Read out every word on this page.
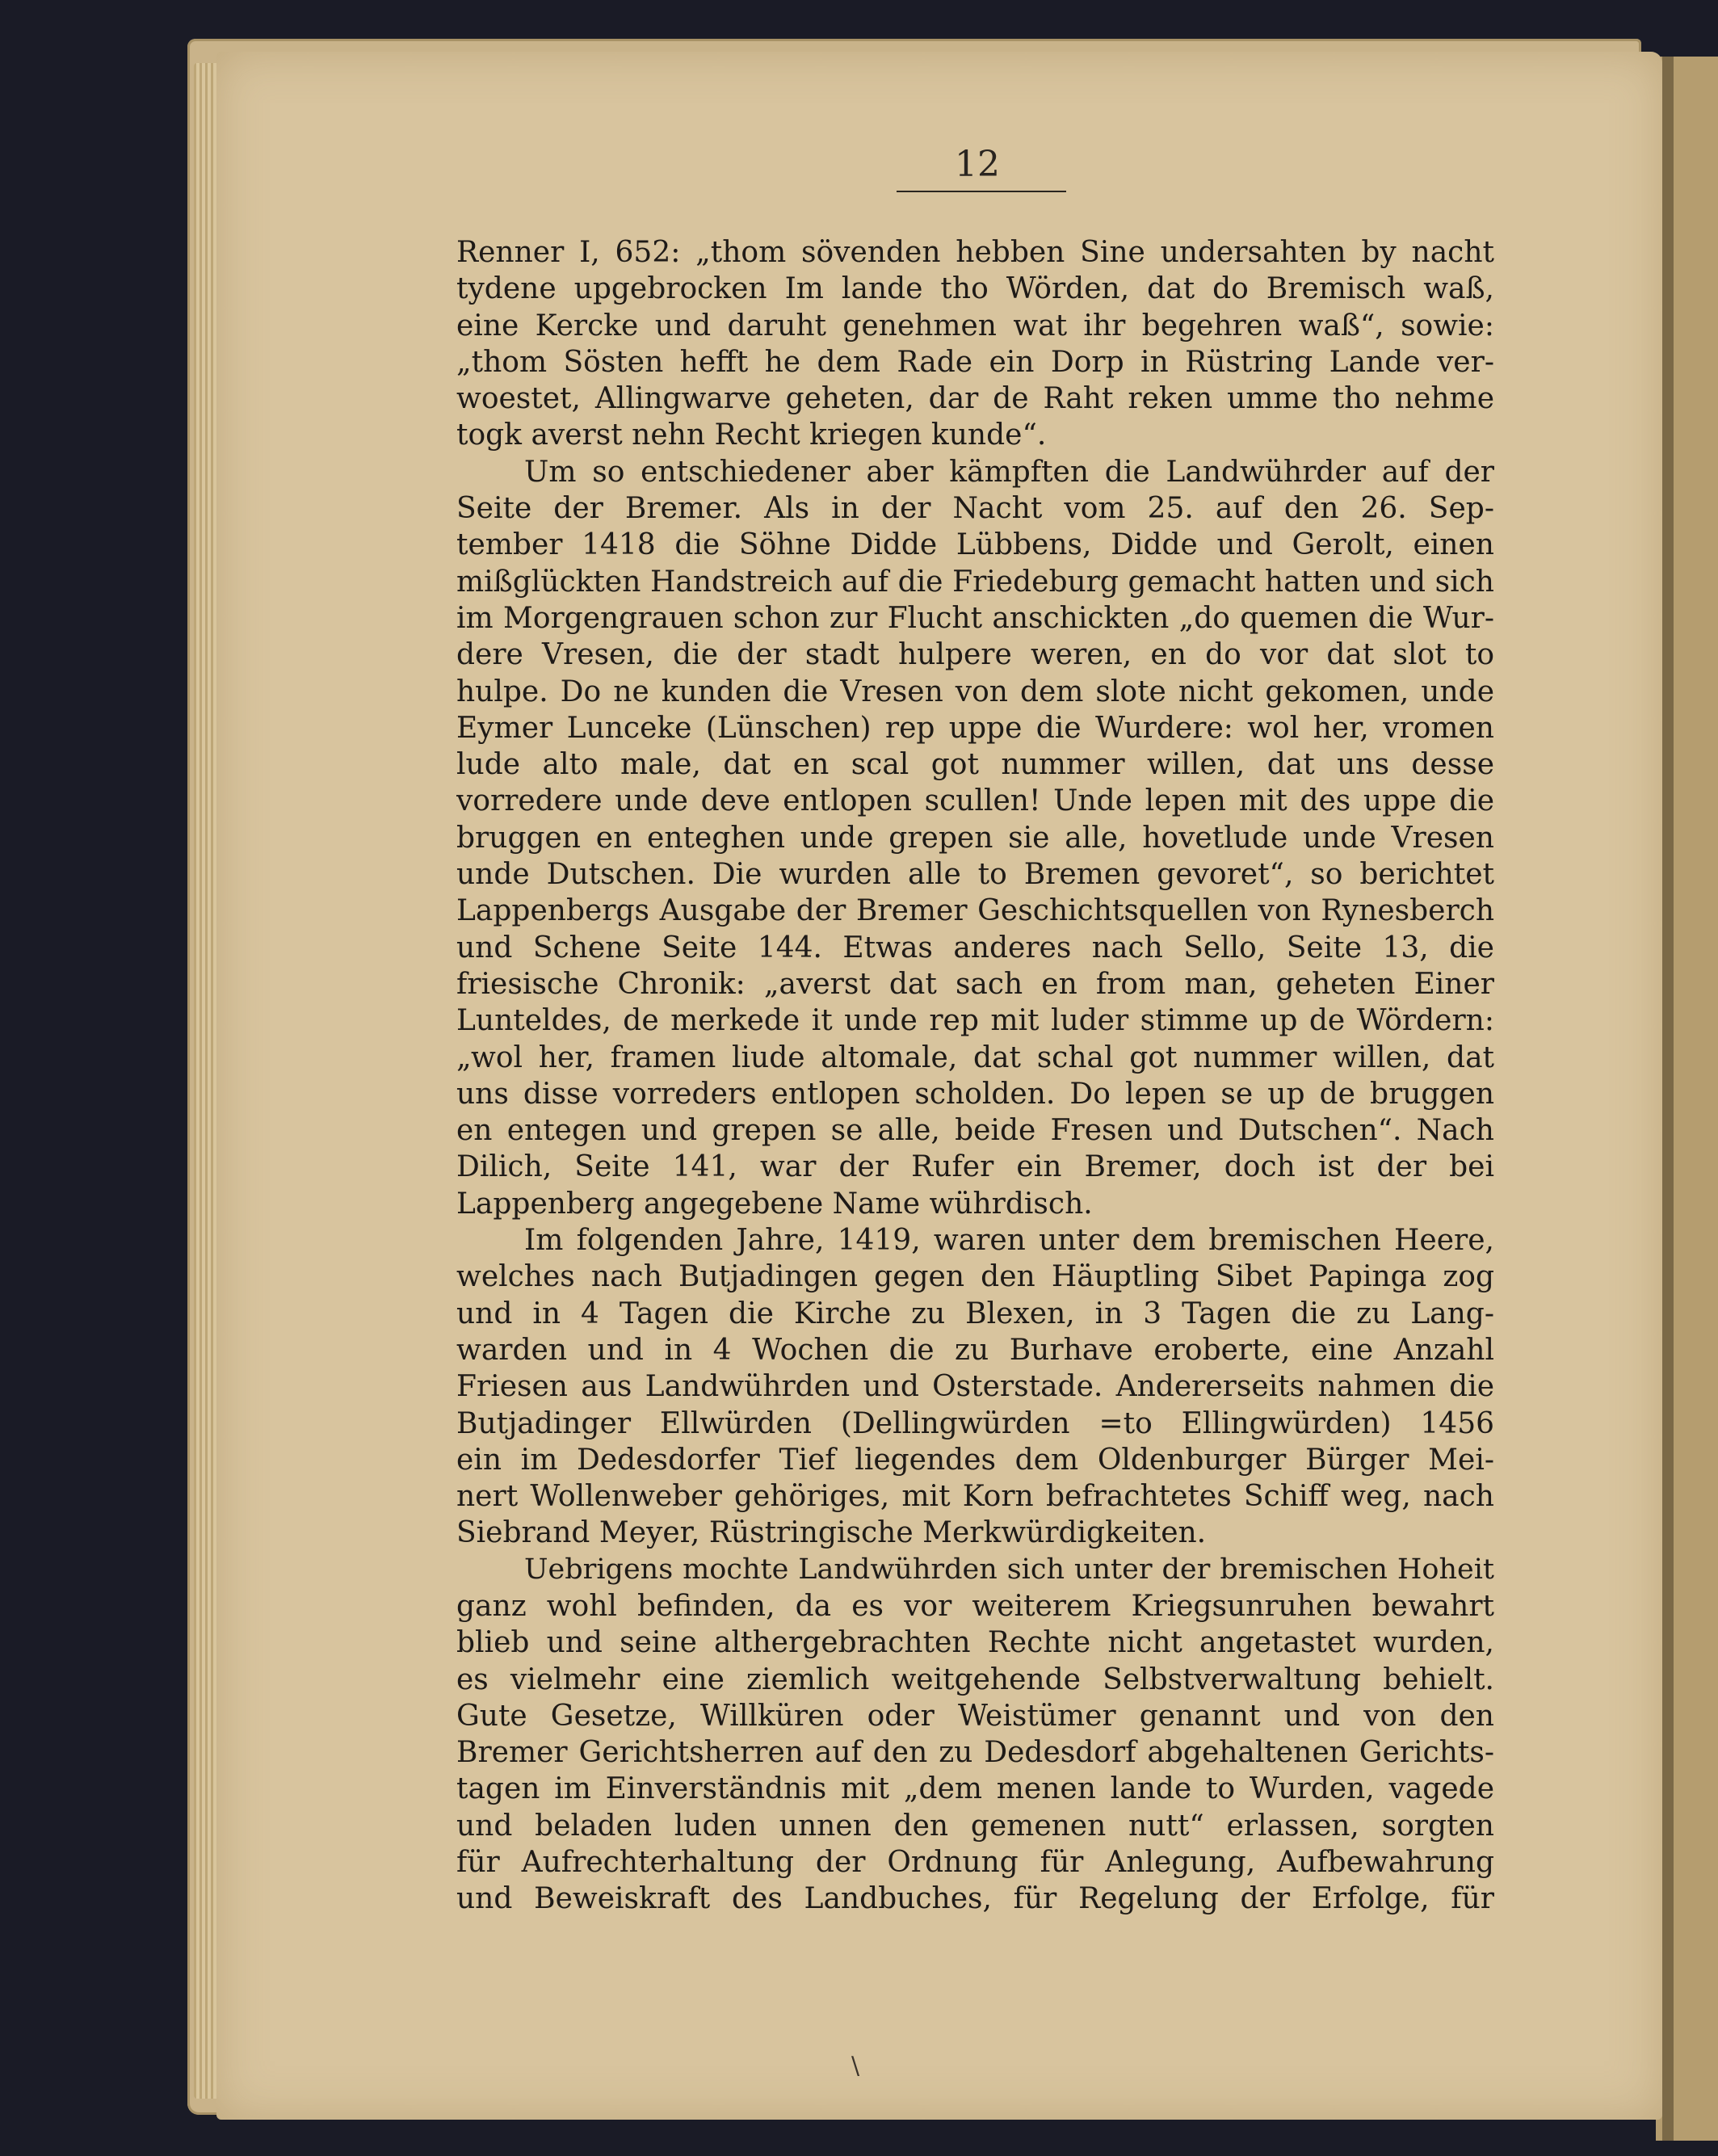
12
Renner I, 652: „thom sövenden hebben Sine undersahten by nacht
tydene upgebrocken Im lande tho Wörden, dat do Bremisch waß,
eine Kercke und daruht genehmen wat ihr begehren waß“, sowie:
„thom Sösten hefft he dem Rade ein Dorp in Rüstring Lande ver-
woestet, Allingwarve geheten, dar de Raht reken umme tho nehme
togk averst nehn Recht kriegen kunde“.
Um so entschiedener aber kämpften die Landwührder auf der
Seite der Bremer. Als in der Nacht vom 25. auf den 26. Sep-
tember 1418 die Söhne Didde Lübbens, Didde und Gerolt, einen
mißglückten Handstreich auf die Friedeburg gemacht hatten und sich
im Morgengrauen schon zur Flucht anschickten „do quemen die Wur-
dere Vresen, die der stadt hulpere weren, en do vor dat slot to
hulpe. Do ne kunden die Vresen von dem slote nicht gekomen, unde
Eymer Lunceke (Lünschen) rep uppe die Wurdere: wol her, vromen
lude alto male, dat en scal got nummer willen, dat uns desse
vorredere unde deve entlopen scullen! Unde lepen mit des uppe die
bruggen en enteghen unde grepen sie alle, hovetlude unde Vresen
unde Dutschen. Die wurden alle to Bremen gevoret“, so berichtet
Lappenbergs Ausgabe der Bremer Geschichtsquellen von Rynesberch
und Schene Seite 144. Etwas anderes nach Sello, Seite 13, die
friesische Chronik: „averst dat sach en from man, geheten Einer
Lunteldes, de merkede it unde rep mit luder stimme up de Wördern:
„wol her, framen liude altomale, dat schal got nummer willen, dat
uns disse vorreders entlopen scholden. Do lepen se up de bruggen
en entegen und grepen se alle, beide Fresen und Dutschen“. Nach
Dilich, Seite 141, war der Rufer ein Bremer, doch ist der bei
Lappenberg angegebene Name wührdisch.
Im folgenden Jahre, 1419, waren unter dem bremischen Heere,
welches nach Butjadingen gegen den Häuptling Sibet Papinga zog
und in 4 Tagen die Kirche zu Blexen, in 3 Tagen die zu Lang-
warden und in 4 Wochen die zu Burhave eroberte, eine Anzahl
Friesen aus Landwührden und Osterstade. Andererseits nahmen die
Butjadinger Ellwürden (Dellingwürden =to Ellingwürden) 1456
ein im Dedesdorfer Tief liegendes dem Oldenburger Bürger Mei-
nert Wollenweber gehöriges, mit Korn befrachtetes Schiff weg, nach
Siebrand Meyer, Rüstringische Merkwürdigkeiten.
Uebrigens mochte Landwührden sich unter der bremischen Hoheit
ganz wohl befinden, da es vor weiterem Kriegsunruhen bewahrt
blieb und seine althergebrachten Rechte nicht angetastet wurden,
es vielmehr eine ziemlich weitgehende Selbstverwaltung behielt.
Gute Gesetze, Willküren oder Weistümer genannt und von den
Bremer Gerichtsherren auf den zu Dedesdorf abgehaltenen Gerichts-
tagen im Einverständnis mit „dem menen lande to Wurden, vagede
und beladen luden unnen den gemenen nutt“ erlassen, sorgten
für Aufrechterhaltung der Ordnung für Anlegung, Aufbewahrung
und Beweiskraft des Landbuches, für Regelung der Erfolge, für
\
